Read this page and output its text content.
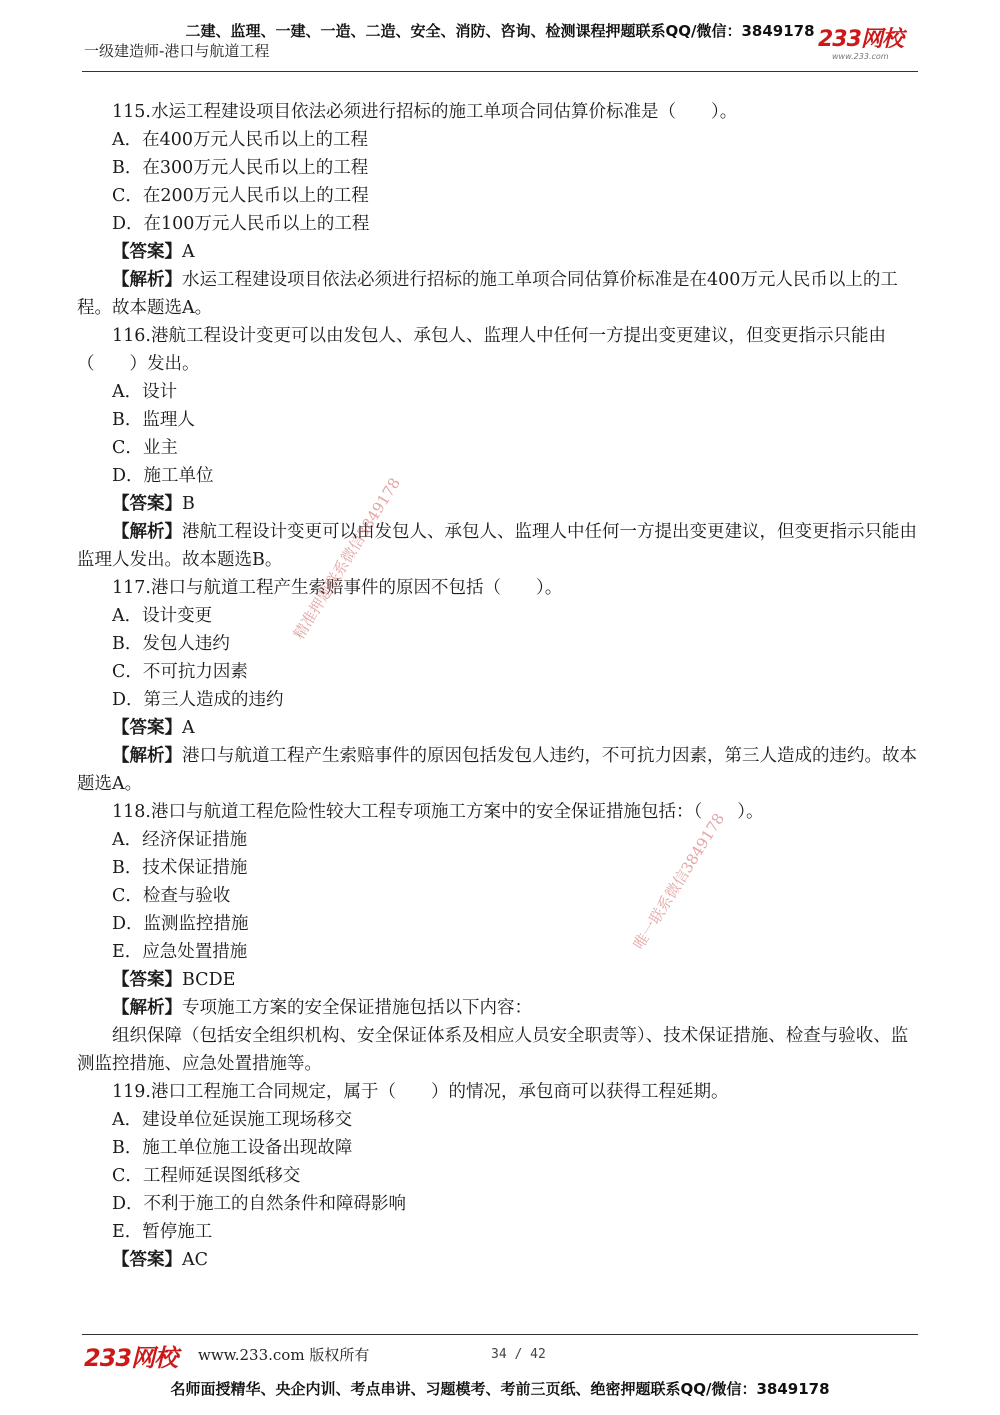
二建、监理、一建、一造、二造、安全、消防、咨询、检测课程押题联系QQ/微信：3849178
一级建造师-港口与航道工程	233网校
www.233.com
115.水运工程建设项目依法必须进行招标的施工单项合同估算价标准是（　　）。
A．在400万元人民币以上的工程
B．在300万元人民币以上的工程
C．在200万元人民币以上的工程
D．在100万元人民币以上的工程
【答案】A
【解析】水运工程建设项目依法必须进行招标的施工单项合同估算价标准是在400万元人民币以上的工程。故本题选A。
116.港航工程设计变更可以由发包人、承包人、监理人中任何一方提出变更建议，但变更指示只能由（　　）发出。
A．设计
B．监理人
C．业主
D．施工单位
【答案】B
【解析】港航工程设计变更可以由发包人、承包人、监理人中任何一方提出变更建议，但变更指示只能由监理人发出。故本题选B。
117.港口与航道工程产生索赔事件的原因不包括（　　）。
A．设计变更
B．发包人违约
C．不可抗力因素
D．第三人造成的违约
【答案】A
【解析】港口与航道工程产生索赔事件的原因包括发包人违约，不可抗力因素，第三人造成的违约。故本题选A。
118.港口与航道工程危险性较大工程专项施工方案中的安全保证措施包括：（　　）。
A．经济保证措施
B．技术保证措施
C．检查与验收
D．监测监控措施
E．应急处置措施
【答案】BCDE
【解析】专项施工方案的安全保证措施包括以下内容：
组织保障（包括安全组织机构、安全保证体系及相应人员安全职责等）、技术保证措施、检查与验收、监测监控措施、应急处置措施等。
119.港口工程施工合同规定，属于（　　）的情况，承包商可以获得工程延期。
A．建设单位延误施工现场移交
B．施工单位施工设备出现故障
C．工程师延误图纸移交
D．不利于施工的自然条件和障碍影响
E．暂停施工
【答案】AC
精准押题联系微信3849178
唯一联系微信3849178
233网校 www.233.com 版权所有	34 / 42
名师面授精华、央企内训、考点串讲、习题模考、考前三页纸、绝密押题联系QQ/微信：3849178
